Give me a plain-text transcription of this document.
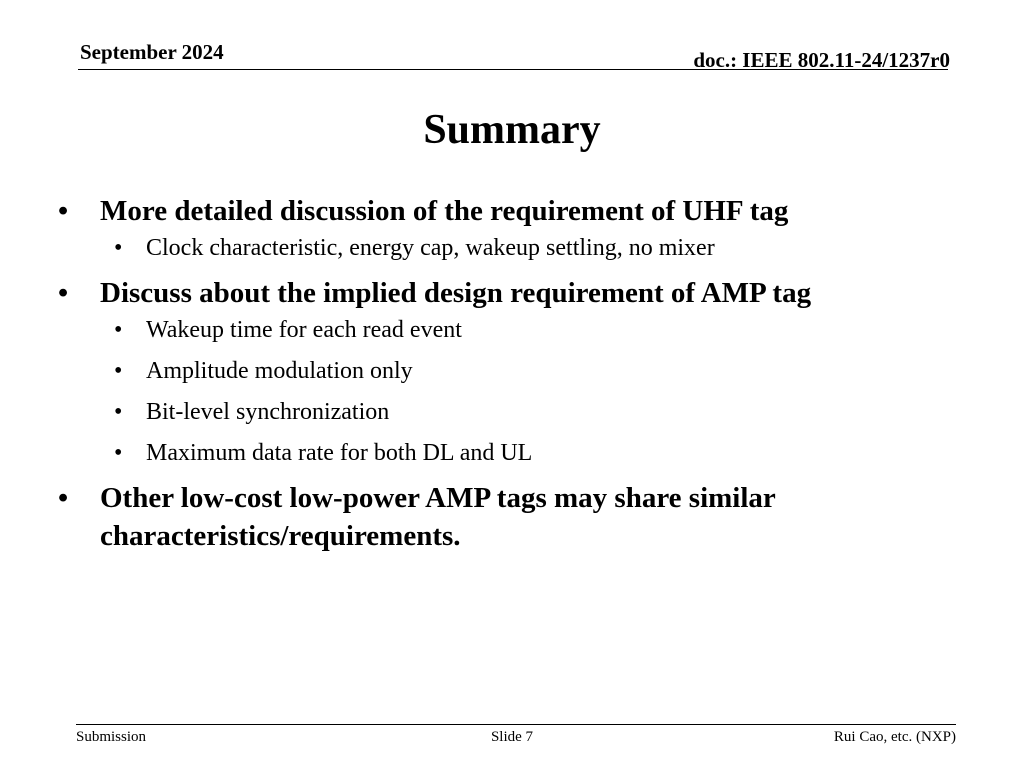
September 2024	doc.: IEEE 802.11-24/1237r0
Summary
•	More detailed discussion of the requirement of UHF tag
• Clock characteristic, energy cap, wakeup settling, no mixer
•	Discuss about the implied design requirement of AMP tag
• Wakeup time for each read event
• Amplitude modulation only
• Bit-level synchronization
• Maximum data rate for both DL and UL
•	Other low-cost low-power AMP tags may share similar characteristics/requirements.
Submission	Slide 7	Rui Cao, etc. (NXP)
